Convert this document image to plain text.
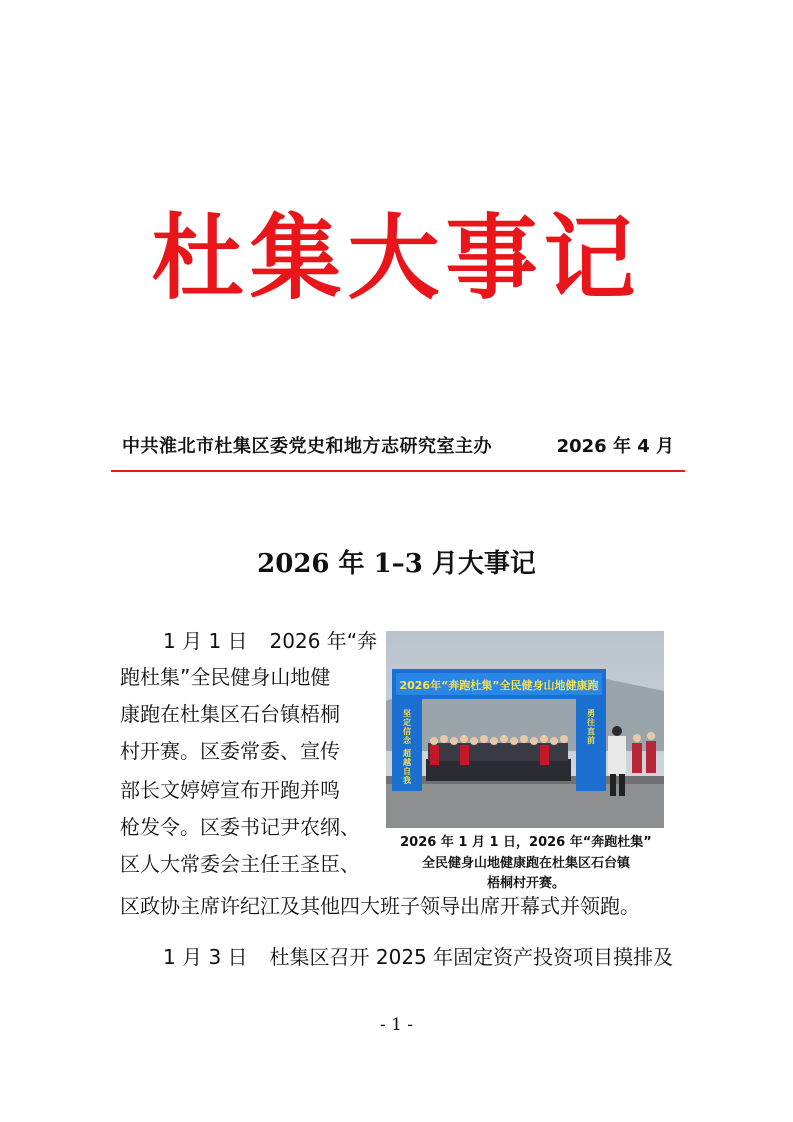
杜集大事记
中共淮北市杜集区委党史和地方志研究室主办	2026 年 4 月
2026 年 1–3 月大事记
1 月 1 日 2026 年“奔
跑杜集”全民健身山地健
康跑在杜集区石台镇梧桐
村开赛。区委常委、宣传
部长文婷婷宣布开跑并鸣
枪发令。区委书记尹农纲、
区人大常委会主任王圣臣、
区政协主席许纪江及其他四大班子领导出席开幕式并领跑。
1 月 3 日 杜集区召开 2025 年固定资产投资项目摸排及
2026年“奔跑杜集”全民健身山地健康跑
坚定信念 超越自我	勇往直前
2026 年 1 月 1 日，2026 年“奔跑杜集”
全民健身山地健康跑在杜集区石台镇
梧桐村开赛。
- 1 -
